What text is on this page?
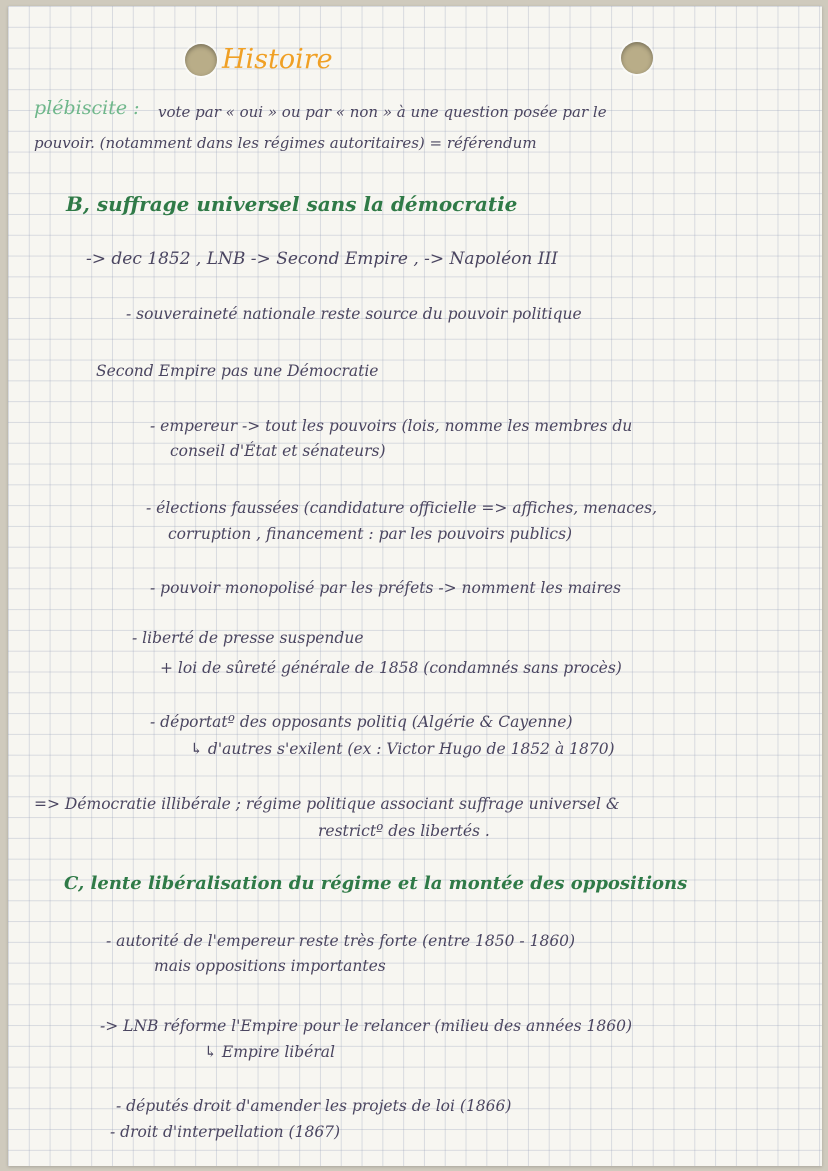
Histoire
plébiscite : vote par « oui » ou par « non » à une question posée par le
pouvoir. (notamment dans les régimes autoritaires) = référendum
B, suffrage universel sans la démocratie
-> dec 1852 , LNB -> Second Empire , -> Napoléon III
- souveraineté nationale reste source du pouvoir politique
Second Empire pas une Démocratie
- empereur -> tout les pouvoirs (lois, nomme les membres du
conseil d'État et sénateurs)
- élections faussées (candidature officielle => affiches, menaces,
corruption , financement : par les pouvoirs publics)
- pouvoir monopolisé par les préfets -> nomment les maires
- liberté de presse suspendue
+ loi de sûreté générale de 1858 (condamnés sans procès)
- déportatº des opposants politiq (Algérie & Cayenne)
↳ d'autres s'exilent (ex : Victor Hugo de 1852 à 1870)
=> Démocratie illibérale ; régime politique associant suffrage universel &
restrictº des libertés .
C, lente libéralisation du régime et la montée des oppositions
- autorité de l'empereur reste très forte (entre 1850 - 1860)
mais oppositions importantes
-> LNB réforme l'Empire pour le relancer (milieu des années 1860)
↳ Empire libéral
- députés droit d'amender les projets de loi (1866)
- droit d'interpellation (1867)
